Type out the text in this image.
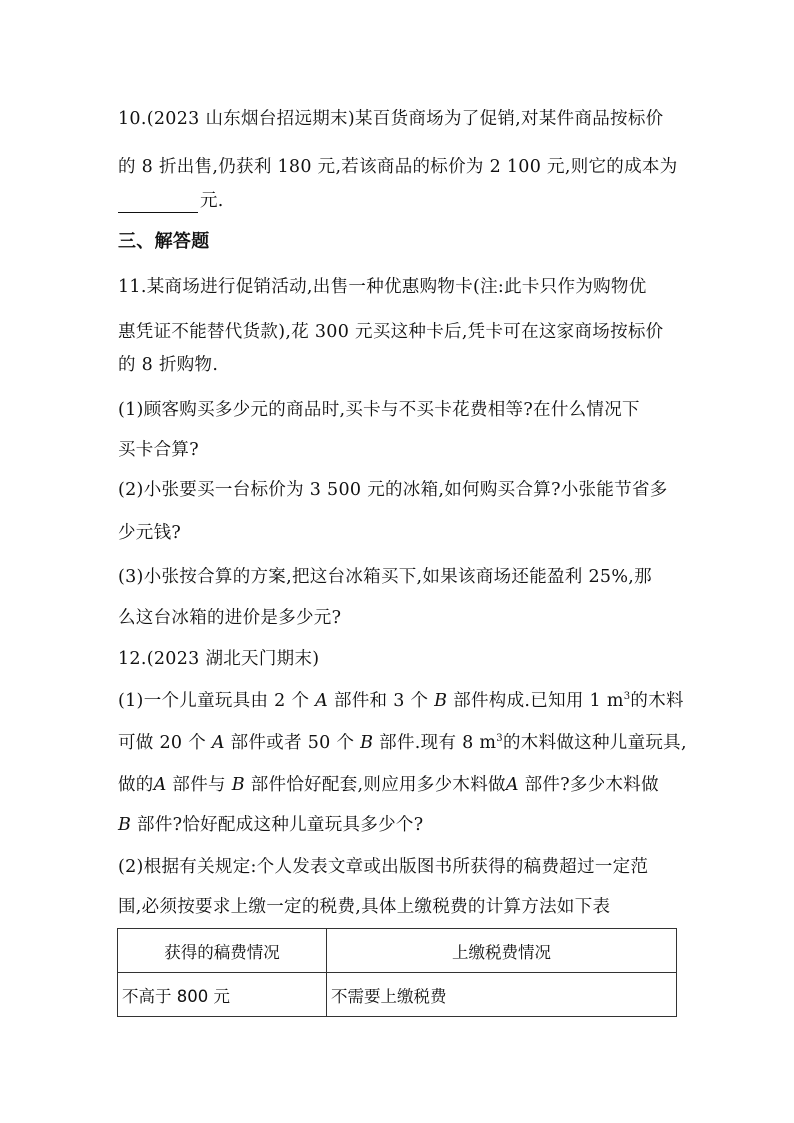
10.(2023 山东烟台招远期末)某百货商场为了促销,对某件商品按标价
的 8 折出售,仍获利 180 元,若该商品的标价为 2 100 元,则它的成本为
元.
三、解答题
11.某商场进行促销活动,出售一种优惠购物卡(注:此卡只作为购物优
惠凭证不能替代货款),花 300 元买这种卡后,凭卡可在这家商场按标价
的 8 折购物.
(1)顾客购买多少元的商品时,买卡与不买卡花费相等?在什么情况下
买卡合算?
(2)小张要买一台标价为 3 500 元的冰箱,如何购买合算?小张能节省多
少元钱?
(3)小张按合算的方案,把这台冰箱买下,如果该商场还能盈利 25%,那
么这台冰箱的进价是多少元?
12.(2023 湖北天门期末)
(1)一个儿童玩具由 2 个 A 部件和 3 个 B 部件构成.已知用 1 $m^3$的木料
可做 20 个 A 部件或者 50 个 B 部件.现有 8 $m^3$的木料做这种儿童玩具,
做的A 部件与 B 部件恰好配套,则应用多少木料做A 部件?多少木料做
B 部件?恰好配成这种儿童玩具多少个?
(2)根据有关规定:个人发表文章或出版图书所获得的稿费超过一定范
围,必须按要求上缴一定的税费,具体上缴税费的计算方法如下表
获得的稿费情况	上缴税费情况
不高于 800 元	不需要上缴税费
